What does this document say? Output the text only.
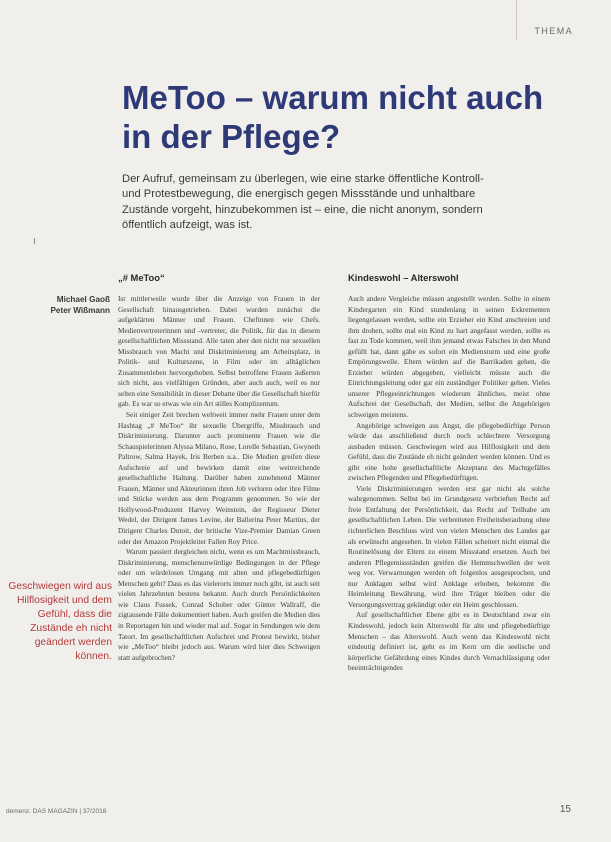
THEMA
MeToo – warum nicht auch in der Pflege?

Der Aufruf, gemeinsam zu überlegen, wie eine starke öffentliche Kontroll- und Protestbewegung, die energisch gegen Missstände und unhaltbare Zustände vorgeht, hinzubekommen ist – eine, die nicht anonym, sondern öffentlich aufzeigt, was ist.

Michael Gaoß
Peter Wißmann
Geschwiegen wird aus Hilflosigkeit und dem Gefühl, dass die Zustände eh nicht geändert werden können.
„# MeToo“

Ist mittlerweile wurde über die Anzeige von Frauen in der Gesellschaft hinausgetrieben. Dabei wurden zunächst die aufgeklärten Männer und Frauen. Chefinnen wie Chefs. Medienvertreterinnen und -vertreter, die Politik, für das in diesem gesellschaftlichen Missstand. Alle taten aber den nicht nur sexuellen Missbrauch von Macht und Diskriminierung am Arbeitsplatz, in Politik- und Kulturszene, in Film oder im alltäglichen Zusammenleben hervorgehoben. Selbst betroffene Frauen äußerten sich nicht, aus vielfältigen Gründen, aber auch auch, weil es nur selten eine Sensibilität in dieser Debatte über die Gesellschaft hierfür gab. Es war so etwas wie ein Art stilles Komplizentum.

Seit einiger Zeit brechen weltweit immer mehr Frauen unter dem Hashtag „# MeToo“ ihr sexuelle Übergriffe, Missbrauch und Diskriminierung. Darunter auch prominente Frauen wie die Schauspielerinnen Alyssa Milano, Rose, Lorelle Sebastian, Gwyneth Paltrow, Salma Hayek, Iris Berben u.a.. Die Medien greifen diese Aufschreie auf und bewirken damit eine weitreichende gesellschaftliche Haltung. Darüber haben zunehmend Männer Frauen, Männer und Akteurinnen ihren Job verloren oder ihre Filme und Stücke werden aus dem Programm genommen. So wie der Hollywood-Produzent Harvey Weinstein, der Regisseur Dieter Wedel, der Dirigent James Levine, der Ballerina Peter Martins, der Dirigent Charles Dutoit, der britische Vize-Premier Damian Green oder der Amazon Projektleiter Fallen Roy Price.

Warum passiert dergleichen nicht, wenn es um Machtmissbrauch, Diskriminierung, menschenunwürdige Bedingungen in der Pflege oder um würdelosen Umgang mit alten und pflegebedürftigen Menschen geht? Dass es das vielerorts immer noch gibt, ist auch seit vielen Jahrzehnten bestens bekannt. Auch durch Persönlichkeiten wie Claus Fussek, Conrad Schober oder Günter Wallraff, die zigtausende Fälle dokumentiert haben. Auch greifen die Medien dies in Reportagen hin und wieder mal auf. Sogar in Sendungen wie dem Tatort. Im gesellschaftlichen Aufschrei und Protest bewirkt, bisher wie „MeToo“ bleibt jedoch aus. Warum wird hier dies Schweigen statt aufgebrochen?

Kindeswohl – Alterswohl

Auch andere Vergleiche müssen angestellt werden. Sollte in einem Kindergarten ein Kind stundenlang in seinen Exkrementen liegengelassen werden, sollte ein Erzieher ein Kind anschreien und ihm drohen, sollte mal ein Kind zu hart angefasst werden, sollte es fast zu Tode kommen, weil ihm jemand etwas Falsches in den Mund gefüllt hat, dann gäbe es sofort ein Mediensturm und eine große Empörungswelle. Eltern würden auf die Barrikaden gehen, die Erzieher würden abgegeben, vielleicht müsste auch die Einrichtungsleitung oder gar ein zuständiger Politiker gehen. Vieles unserer Pflegeeinrichtungen wiederum ähnliches, meist ohne Aufschrei der Gesellschaft, der Medien, selbst die Angehörigen schweigen meistens.

Angehörige schweigen aus Angst, die pflegebedürftige Person würde das anschließend durch noch schlechtere Versorgung ausbaden müssen. Geschwiegen wird aus Hilflosigkeit und dem Gefühl, dass die Zustände eh nicht geändert werden können. Und es gibt eine hohe gesellschaftliche Akzeptanz des Machtgefälles zwischen Pflegenden und Pflegebedürftigen.

Viele Diskriminierungen werden erst gar nicht als solche wahrgenommen. Selbst bei im Grundgesetz verbrieften Recht auf freie Entfaltung der Persönlichkeit, das Recht auf Teilhabe am gesellschaftlichen Leben. Die verbreiteten Freiheitsberaubung ohne richterlichen Beschluss wird von vielen Menschen des Landes gar als erwünscht angesehen. In vielen Fällen scheitert nicht einmal die Routinelösung der Eltern zu einem Missstand ersetzen. Auch bei anderen Pflegemissständen greifen die Hemmschwellen der weit weg vor. Verwarnungen werden oft folgenlos ausgesprochen, und nur Anklagen selbst wird Anklage erhoben, bekommt die Heimleitung Bewährung, wird ihre Träger bleiben oder die Versorgungsvertrag gekündigt oder ein Heim geschlossen.

Auf gesellschaftlicher Ebene gibt es in Deutschland zwar ein Kindeswohl, jedoch kein Alterswohl für alte und pflegebedürftige Menschen – das Alterswohl. Auch wenn das Kindeswohl nicht eindeutig definiert ist, geht es im Kern um die seelische und körperliche Gefährdung eines Kindes durch Vernachlässigung oder beeinträchtigendes

demenz. DAS MAGAZIN | 37/2018	15
